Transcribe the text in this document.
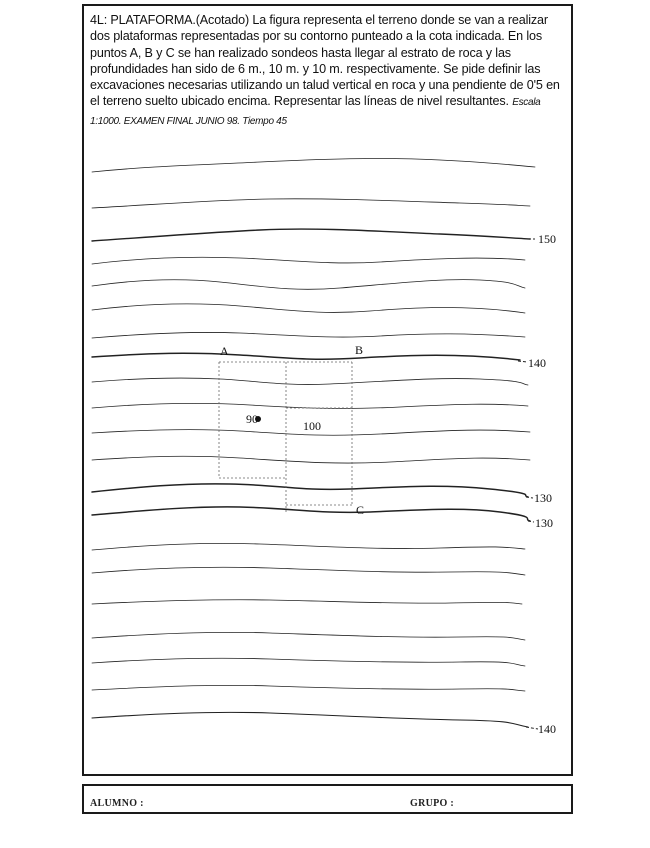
4L: PLATAFORMA.(Acotado) La figura representa el terreno donde se van a realizar dos plataformas representadas por su contorno punteado a la cota indicada. En los puntos A, B y C se han realizado sondeos hasta llegar al estrato de roca y las profundidades han sido de 6 m., 10 m. y 10 m. respectivamente. Se pide definir las excavaciones necesarias utilizando un talud vertical en roca y una pendiente de 0'5 en el terreno suelto ubicado encima. Representar las líneas de nivel resultantes. Escala 1:1000. EXAMEN FINAL JUNIO 98. Tiempo 45
150
140
130
130
140
A	B
C
90	100
ALUMNO :	GRUPO :
